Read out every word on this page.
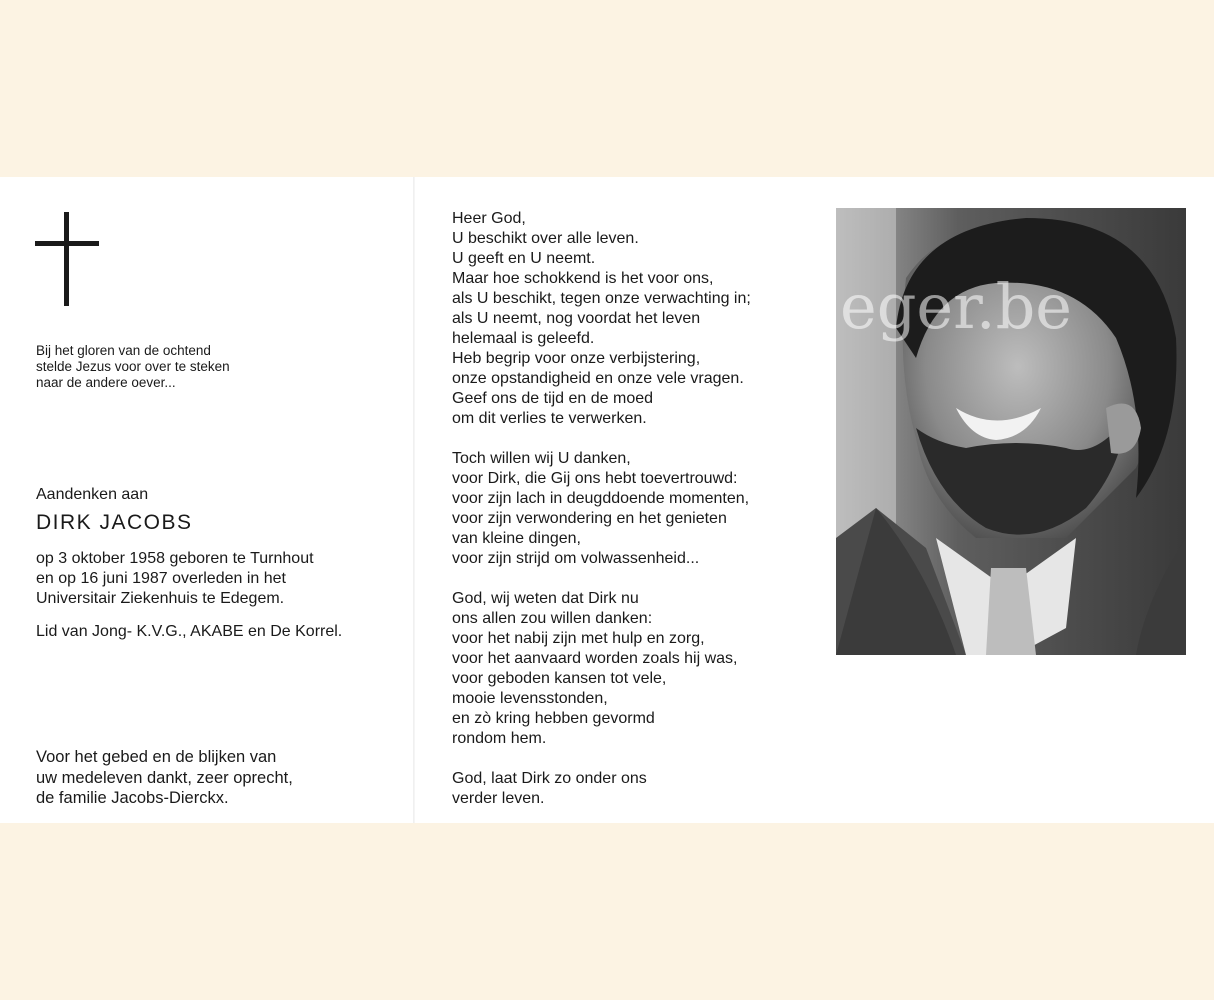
Bij het gloren van de ochtend
stelde Jezus voor over te steken
naar de andere oever...
Aandenken aan
DIRK JACOBS
op 3 oktober 1958 geboren te Turnhout
en op 16 juni 1987 overleden in het
Universitair Ziekenhuis te Edegem.
Lid van Jong- K.V.G., AKABE en De Korrel.
Voor het gebed en de blijken van
uw medeleven dankt, zeer oprecht,
de familie Jacobs-Dierckx.
Heer God,
U beschikt over alle leven.
U geeft en U neemt.
Maar hoe schokkend is het voor ons,
als U beschikt, tegen onze verwachting in;
als U neemt, nog voordat het leven
helemaal is geleefd.
Heb begrip voor onze verbijstering,
onze opstandigheid en onze vele vragen.
Geef ons de tijd en de moed
om dit verlies te verwerken.
Toch willen wij U danken,
voor Dirk, die Gij ons hebt toevertrouwd:
voor zijn lach in deugddoende momenten,
voor zijn verwondering en het genieten
van kleine dingen,
voor zijn strijd om volwassenheid...
God, wij weten dat Dirk nu
ons allen zou willen danken:
voor het nabij zijn met hulp en zorg,
voor het aanvaard worden zoals hij was,
voor geboden kansen tot vele,
mooie levensstonden,
en zò kring hebben gevormd
rondom hem.
God, laat Dirk zo onder ons
verder leven.
eger.be
